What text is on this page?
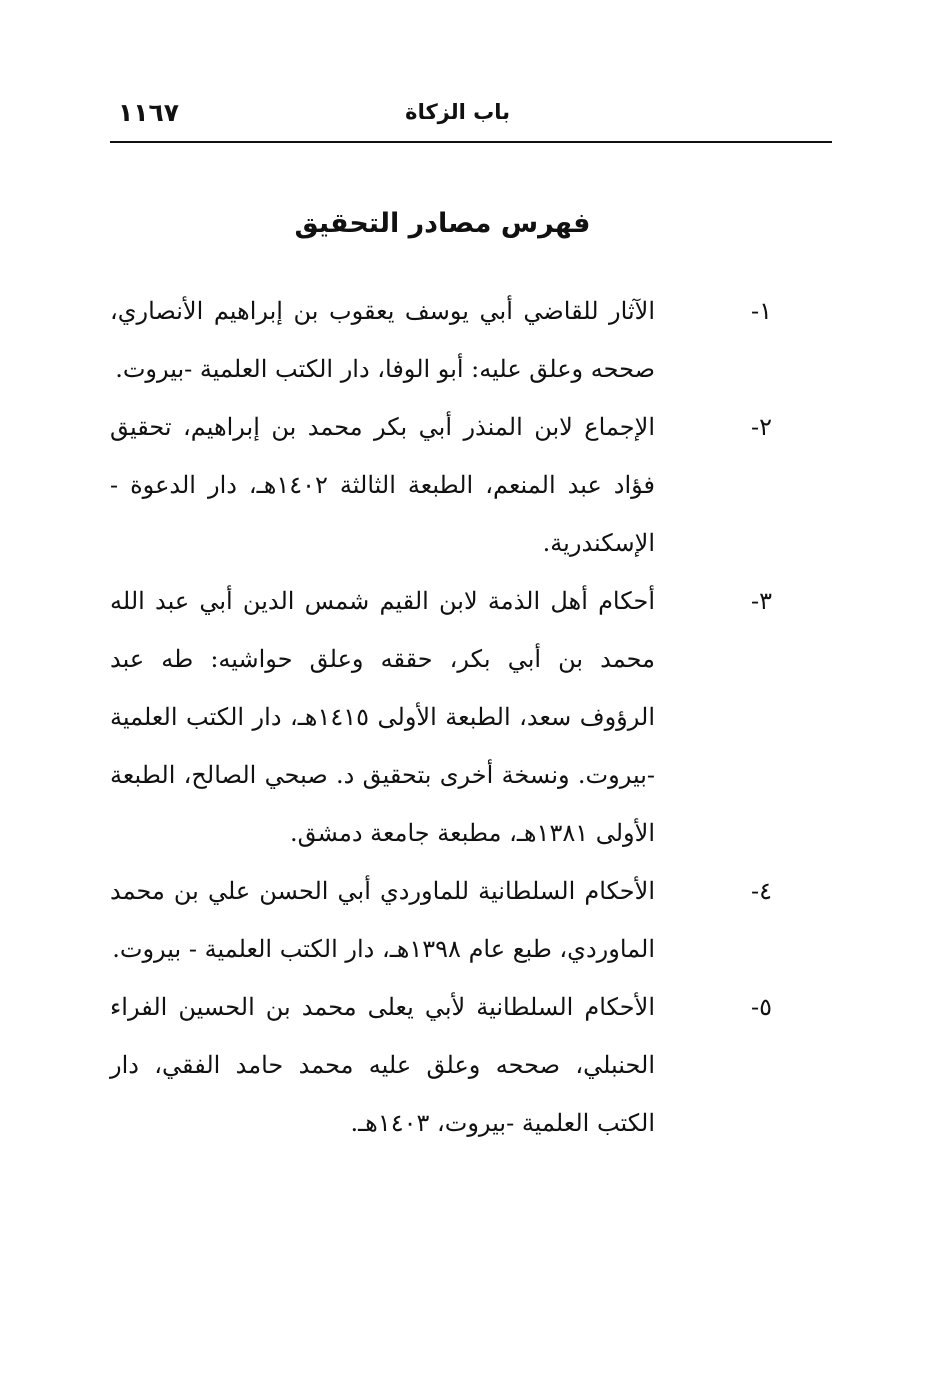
١١٦٧	باب الزكاة
فهرس مصادر التحقيق
١-
الآثار للقاضي أبي يوسف يعقوب بن إبراهيم الأنصاري، صححه وعلق عليه: أبو الوفا، دار الكتب العلمية -بيروت.
٢-
الإجماع لابن المنذر أبي بكر محمد بن إبراهيم، تحقيق فؤاد عبد المنعم، الطبعة الثالثة ١٤٠٢هـ، دار الدعوة - الإسكندرية.
٣-
أحكام أهل الذمة لابن القيم شمس الدين أبي عبد الله محمد بن أبي بكر، حققه وعلق حواشيه: طه عبد الرؤوف سعد، الطبعة الأولى ١٤١٥هـ، دار الكتب العلمية -بيروت. ونسخة أخرى بتحقيق د. صبحي الصالح، الطبعة الأولى ١٣٨١هـ، مطبعة جامعة دمشق.
٤-
الأحكام السلطانية للماوردي أبي الحسن علي بن محمد الماوردي، طبع عام ١٣٩٨هـ، دار الكتب العلمية - بيروت.
٥-
الأحكام السلطانية لأبي يعلى محمد بن الحسين الفراء الحنبلي، صححه وعلق عليه محمد حامد الفقي، دار الكتب العلمية -بيروت، ١٤٠٣هـ.
